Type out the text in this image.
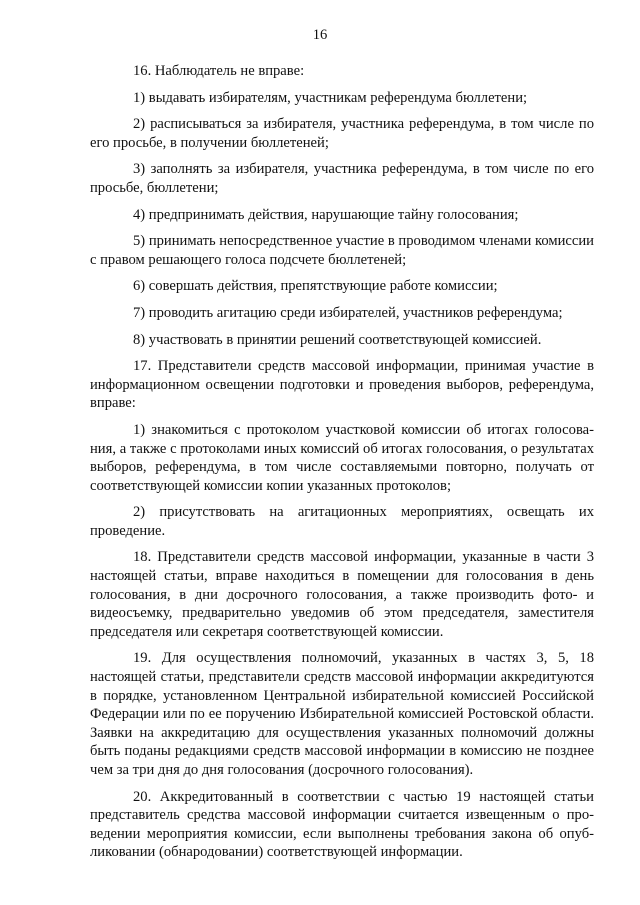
16

16. Наблюдатель не вправе:

1) выдавать избирателям, участникам референдума бюллетени;

2) расписываться за избирателя, участника референдума, в том числе по его просьбе, в получении бюллетеней;

3) заполнять за избирателя, участника референдума, в том числе по его просьбе, бюллетени;

4) предпринимать действия, нарушающие тайну голосования;

5) принимать непосредственное участие в проводимом членами комиссии с правом решающего голоса подсчете бюллетеней;

6) совершать действия, препятствующие работе комиссии;

7) проводить агитацию среди избирателей, участников референдума;

8) участвовать в принятии решений соответствующей комиссией.

17. Представители средств массовой информации, принимая участие в информационном освещении подготовки и проведения выборов, референдума, вправе:

1) знакомиться с протоколом участковой комиссии об итогах голосования, а также с протоколами иных комиссий об итогах голосования, о результатах выборов, референдума, в том числе составляемыми повторно, получать от соответствующей комиссии копии указанных протоколов;

2) присутствовать на агитационных мероприятиях, освещать их проведение.

18. Представители средств массовой информации, указанные в части 3 настоящей статьи, вправе находиться в помещении для голосования в день голосования, в дни досрочного голосования, а также производить фото- и видеосъемку, предварительно уведомив об этом председателя, заместителя председателя или секретаря соответствующей комиссии.

19. Для осуществления полномочий, указанных в частях 3, 5, 18 настоящей статьи, представители средств массовой информации аккредитуются в порядке, установленном Центральной избирательной комиссией Российской Федерации или по ее поручению Избирательной комиссией Ростовской области. Заявки на аккредитацию для осуществления указанных полномочий должны быть поданы редакциями средств массовой информации в комиссию не позднее чем за три дня до дня голосования (досрочного голосования).

20. Аккредитованный в соответствии с частью 19 настоящей статьи представитель средства массовой информации считается извещенным о проведении мероприятия комиссии, если выполнены требования закона об опубликовании (обнародовании) соответствующей информации.
